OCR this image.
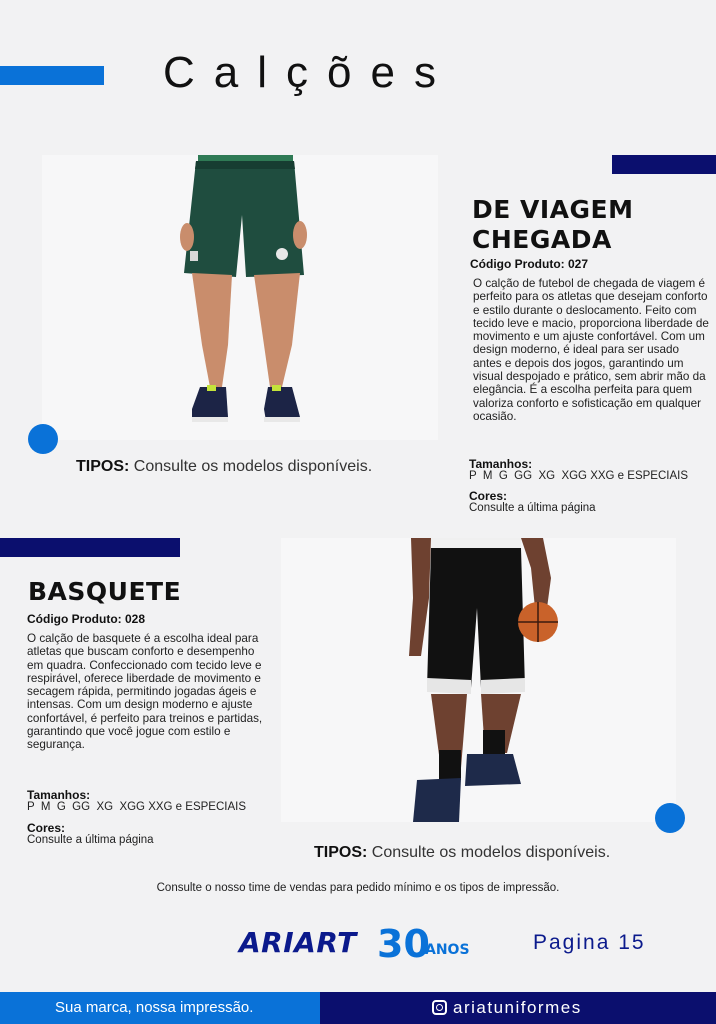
Calções
DE VIAGEM
CHEGADA
Código Produto: 027
O calção de futebol de chegada de viagem é perfeito para os atletas que desejam conforto e estilo durante o deslocamento. Feito com tecido leve e macio, proporciona liberdade de movimento e um ajuste confortável. Com um design moderno, é ideal para ser usado antes e depois dos jogos, garantindo um visual despojado e prático, sem abrir mão da elegância. É a escolha perfeita para quem valoriza conforto e sofisticação em qualquer ocasião.
Tamanhos:
P  M  G  GG  XG  XGG XXG e ESPECIAIS
Cores:
Consulte a última página
TIPOS: Consulte os modelos disponíveis.
BASQUETE
Código Produto: 028
O calção de basquete é a escolha ideal para atletas que buscam conforto e desempenho em quadra. Confeccionado com tecido leve e respirável, oferece liberdade de movimento e secagem rápida, permitindo jogadas ágeis e intensas. Com um design moderno e ajuste confortável, é perfeito para treinos e partidas, garantindo que você jogue com estilo e segurança.
Tamanhos:
P  M  G  GG  XG  XGG XXG e ESPECIAIS
Cores:
Consulte a última página
TIPOS: Consulte os modelos disponíveis.
Consulte o nosso time de vendas para pedido mínimo e os tipos de impressão.
ARIART 30
ANOS	Pagina 15
Sua marca, nossa impressão.	ariatuniformes
